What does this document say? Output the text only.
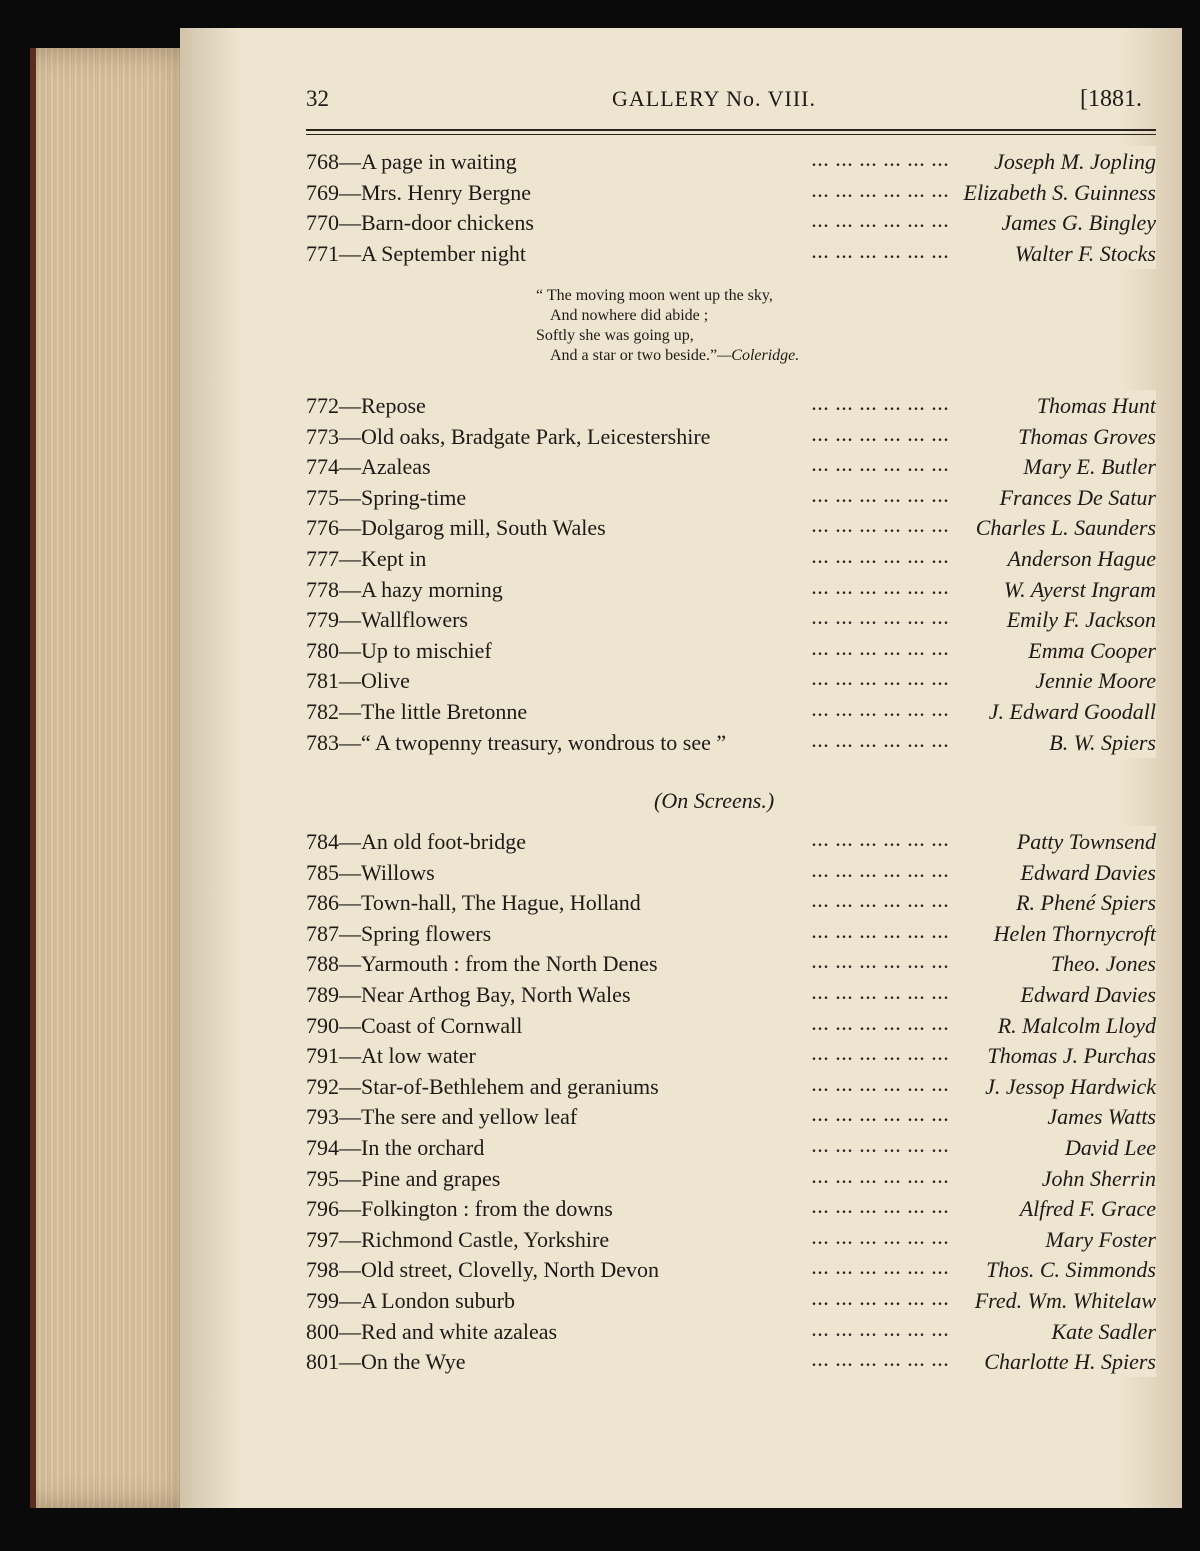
32	GALLERY No. VIII.	[1881.
... ... ... ... ... ...
768—A page in waiting	Joseph M. Jopling
... ... ... ... ... ...
769—Mrs. Henry Bergne	Elizabeth S. Guinness
... ... ... ... ... ...
770—Barn-door chickens	James G. Bingley
... ... ... ... ... ...
771—A September night	Walter F. Stocks
“ The moving moon went up the sky,
And nowhere did abide ;
Softly she was going up,
And a star or two beside.”—Coleridge.
... ... ... ... ... ...
772—Repose	Thomas Hunt
... ... ... ... ... ...
773—Old oaks, Bradgate Park, Leicestershire	Thomas Groves
... ... ... ... ... ...
774—Azaleas	Mary E. Butler
... ... ... ... ... ...
775—Spring-time	Frances De Satur
... ... ... ... ... ...
776—Dolgarog mill, South Wales	Charles L. Saunders
... ... ... ... ... ...
777—Kept in	Anderson Hague
... ... ... ... ... ...
778—A hazy morning	W. Ayerst Ingram
... ... ... ... ... ...
779—Wallflowers	Emily F. Jackson
... ... ... ... ... ...
780—Up to mischief	Emma Cooper
... ... ... ... ... ...
781—Olive	Jennie Moore
... ... ... ... ... ...
782—The little Bretonne	J. Edward Goodall
... ... ... ... ... ...
783—“ A twopenny treasury, wondrous to see ”	B. W. Spiers
(On Screens.)
... ... ... ... ... ...
784—An old foot-bridge	Patty Townsend
... ... ... ... ... ...
785—Willows	Edward Davies
... ... ... ... ... ...
786—Town-hall, The Hague, Holland	R. Phené Spiers
... ... ... ... ... ...
787—Spring flowers	Helen Thornycroft
... ... ... ... ... ...
788—Yarmouth : from the North Denes	Theo. Jones
... ... ... ... ... ...
789—Near Arthog Bay, North Wales	Edward Davies
... ... ... ... ... ...
790—Coast of Cornwall	R. Malcolm Lloyd
... ... ... ... ... ...
791—At low water	Thomas J. Purchas
... ... ... ... ... ...
792—Star-of-Bethlehem and geraniums	J. Jessop Hardwick
... ... ... ... ... ...
793—The sere and yellow leaf	James Watts
... ... ... ... ... ...
794—In the orchard	David Lee
... ... ... ... ... ...
795—Pine and grapes	John Sherrin
... ... ... ... ... ...
796—Folkington : from the downs	Alfred F. Grace
... ... ... ... ... ...
797—Richmond Castle, Yorkshire	Mary Foster
... ... ... ... ... ...
798—Old street, Clovelly, North Devon	Thos. C. Simmonds
... ... ... ... ... ...
799—A London suburb	Fred. Wm. Whitelaw
... ... ... ... ... ...
800—Red and white azaleas	Kate Sadler
... ... ... ... ... ...
801—On the Wye	Charlotte H. Spiers
